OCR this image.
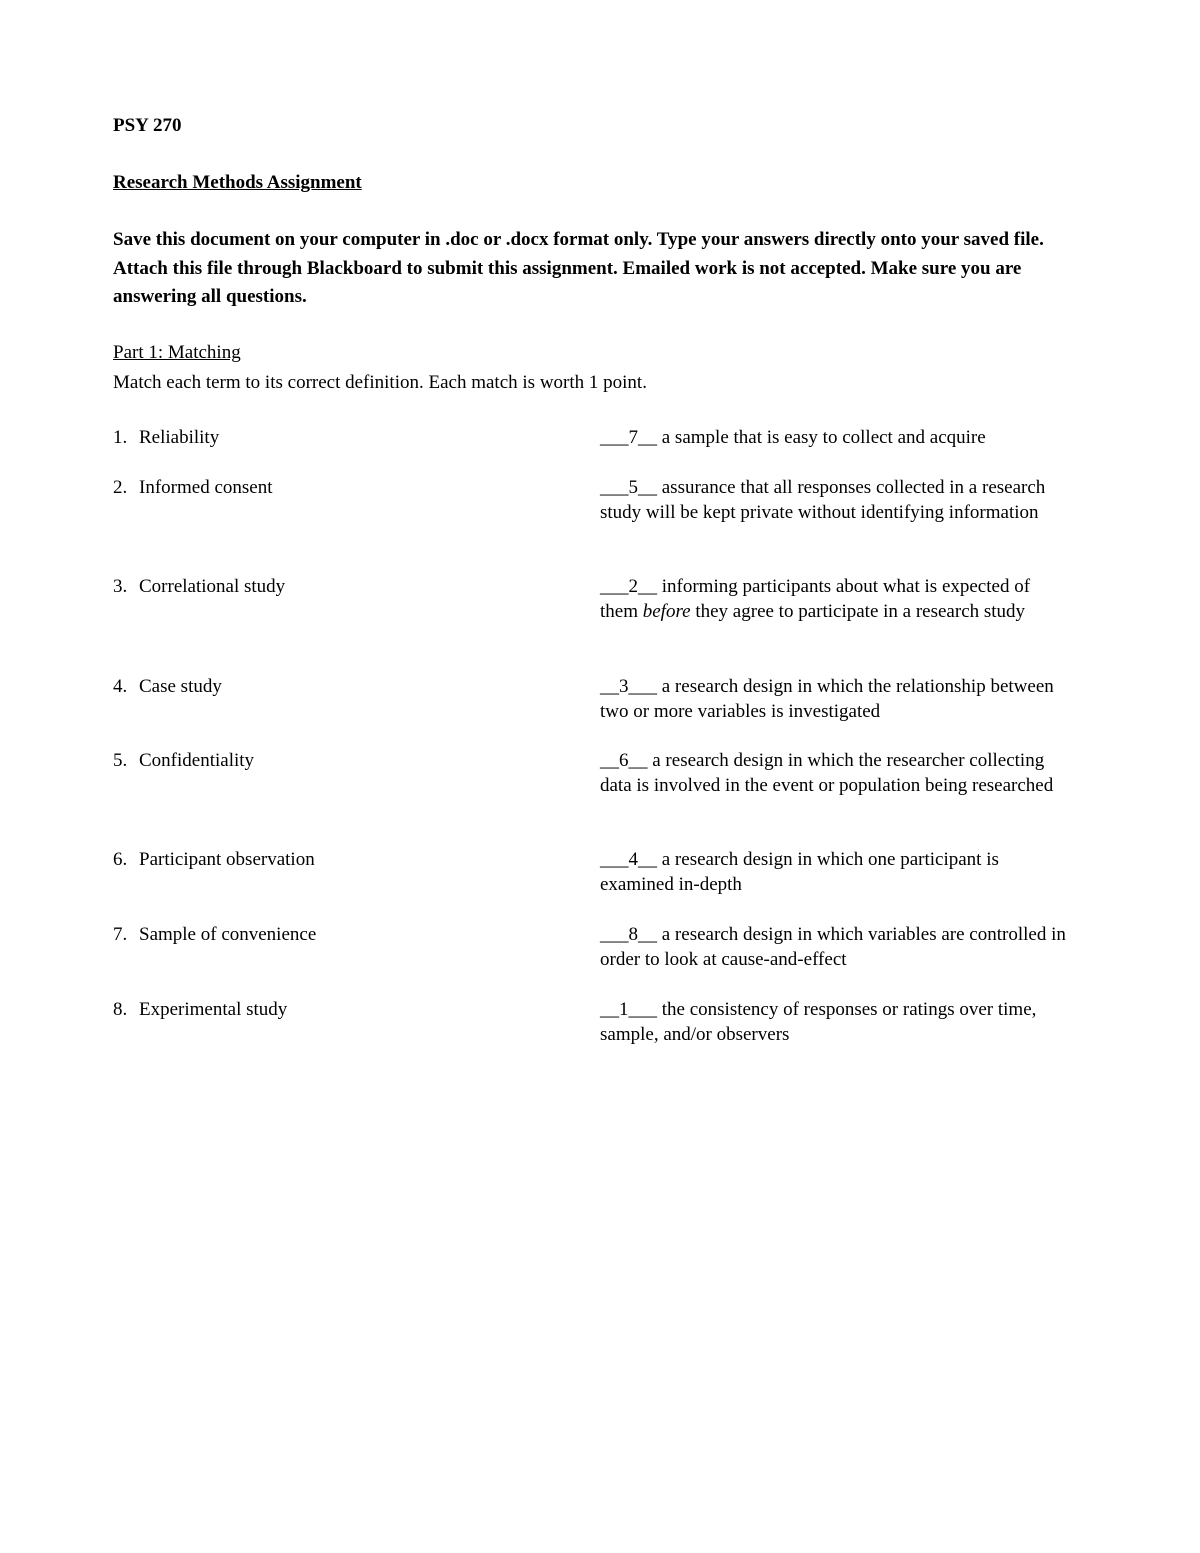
PSY 270

Research Methods Assignment

Save this document on your computer in .doc or .docx format only. Type your answers directly onto your saved file. Attach this file through Blackboard to submit this assignment. Emailed work is not accepted. Make sure you are answering all questions.

Part 1: Matching

Match each term to its correct definition. Each match is worth 1 point.

1. Reliability	___7__ a sample that is easy to collect and acquire
2. Informed consent	___5__ assurance that all responses collected in a research study will be kept private without identifying information
3. Correlational study	___2__ informing participants about what is expected of them before they agree to participate in a research study
4. Case study	__3___ a research design in which the relationship between two or more variables is investigated
5. Confidentiality	__6__ a research design in which the researcher collecting data is involved in the event or population being researched
6. Participant observation	___4__ a research design in which one participant is examined in-depth
7. Sample of convenience	___8__ a research design in which variables are controlled in order to look at cause-and-effect
8. Experimental study	__1___ the consistency of responses or ratings over time, sample, and/or observers
